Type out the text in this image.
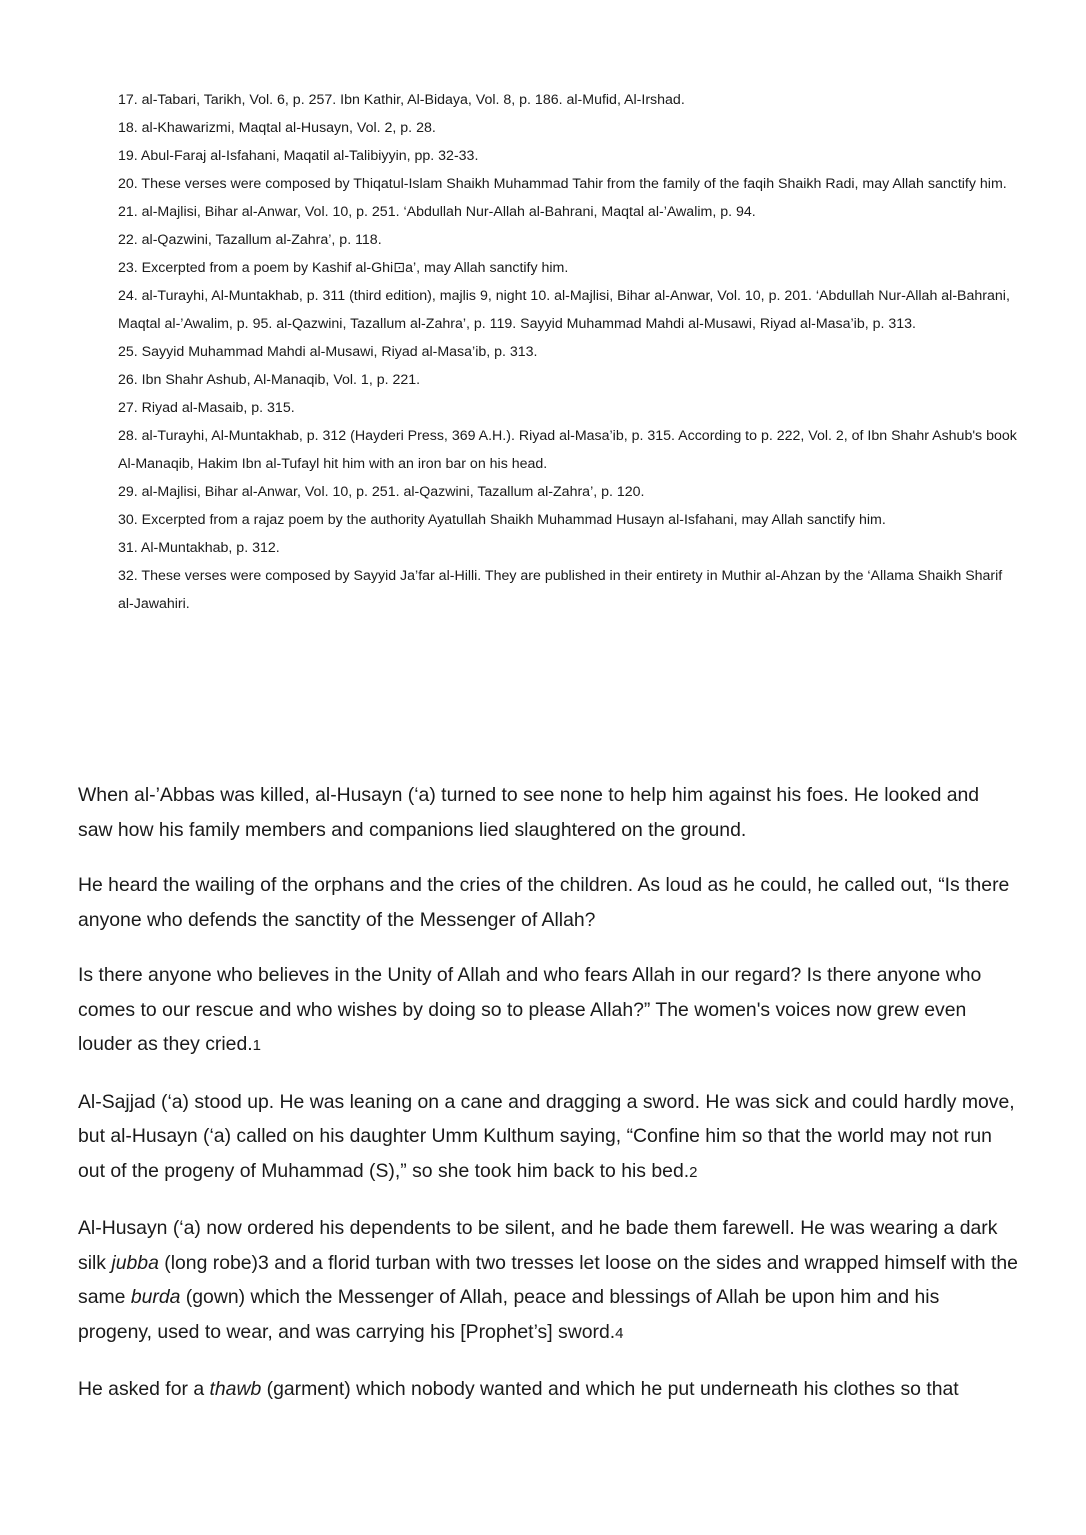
17. al-Tabari, Tarikh, Vol. 6, p. 257. Ibn Kathir, Al-Bidaya, Vol. 8, p. 186. al-Mufid, Al-Irshad.

18. al-Khawarizmi, Maqtal al-Husayn, Vol. 2, p. 28.

19. Abul-Faraj al-Isfahani, Maqatil al-Talibiyyin, pp. 32-33.

20. These verses were composed by Thiqatul-Islam Shaikh Muhammad Tahir from the family of the faqih Shaikh Radi, may Allah sanctify him.

21. al-Majlisi, Bihar al-Anwar, Vol. 10, p. 251. ‘Abdullah Nur-Allah al-Bahrani, Maqtal al-’Awalim, p. 94.

22. al-Qazwini, Tazallum al-Zahra’, p. 118.

23. Excerpted from a poem by Kashif al-Ghi⊡a’, may Allah sanctify him.

24. al-Turayhi, Al-Muntakhab, p. 311 (third edition), majlis 9, night 10. al-Majlisi, Bihar al-Anwar, Vol. 10, p. 201. ‘Abdullah Nur-Allah al-Bahrani, Maqtal al-’Awalim, p. 95. al-Qazwini, Tazallum al-Zahra’, p. 119. Sayyid Muhammad Mahdi al-Musawi, Riyad al-Masa’ib, p. 313.

25. Sayyid Muhammad Mahdi al-Musawi, Riyad al-Masa’ib, p. 313.

26. Ibn Shahr Ashub, Al-Manaqib, Vol. 1, p. 221.

27. Riyad al-Masaib, p. 315.

28. al-Turayhi, Al-Muntakhab, p. 312 (Hayderi Press, 369 A.H.). Riyad al-Masa’ib, p. 315. According to p. 222, Vol. 2, of Ibn Shahr Ashub's book Al-Manaqib, Hakim Ibn al-Tufayl hit him with an iron bar on his head.

29. al-Majlisi, Bihar al-Anwar, Vol. 10, p. 251. al-Qazwini, Tazallum al-Zahra’, p. 120.

30. Excerpted from a rajaz poem by the authority Ayatullah Shaikh Muhammad Husayn al-Isfahani, may Allah sanctify him.

31. Al-Muntakhab, p. 312.

32. These verses were composed by Sayyid Ja’far al-Hilli. They are published in their entirety in Muthir al-Ahzan by the ‘Allama Shaikh Sharif al-Jawahiri.

When al-’Abbas was killed, al-Husayn (‘a) turned to see none to help him against his foes. He looked and saw how his family members and companions lied slaughtered on the ground.

He heard the wailing of the orphans and the cries of the children. As loud as he could, he called out, “Is there anyone who defends the sanctity of the Messenger of Allah?

Is there anyone who believes in the Unity of Allah and who fears Allah in our regard? Is there anyone who comes to our rescue and who wishes by doing so to please Allah?” The women's voices now grew even louder as they cried.1

Al-Sajjad (‘a) stood up. He was leaning on a cane and dragging a sword. He was sick and could hardly move, but al-Husayn (‘a) called on his daughter Umm Kulthum saying, “Confine him so that the world may not run out of the progeny of Muhammad (S),” so she took him back to his bed.2

Al-Husayn (‘a) now ordered his dependents to be silent, and he bade them farewell. He was wearing a dark silk jubba (long robe)3 and a florid turban with two tresses let loose on the sides and wrapped himself with the same burda (gown) which the Messenger of Allah, peace and blessings of Allah be upon him and his progeny, used to wear, and was carrying his [Prophet’s] sword.4

He asked for a thawb (garment) which nobody wanted and which he put underneath his clothes so that
